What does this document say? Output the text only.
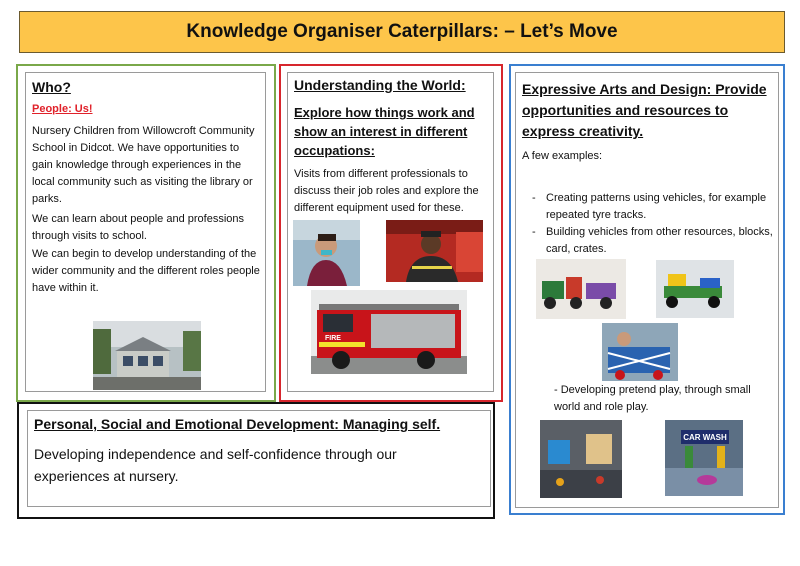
Knowledge Organiser Caterpillars: – Let’s Move
Who?
People: Us!
Nursery Children from Willowcroft Community School in Didcot. We have opportunities to gain knowledge through experiences in the local community such as visiting the library or parks.
We can learn about people and professions through visits to school.
We can begin to develop understanding of the wider community and the different roles people have within it.
Understanding the World:
Explore how things work and show an interest in different occupations:
Visits from different professionals to discuss their job roles and explore the different equipment used for these.
FIRE
Expressive Arts and Design: Provide opportunities and resources to express creativity.
A few examples:
- Creating patterns using vehicles, for example repeated tyre tracks.
- Building vehicles from other resources, blocks, card, crates.
- Developing pretend play, through small world and role play.
CAR WASH
Personal, Social and Emotional Development: Managing self.
Developing independence and self-confidence through our experiences at nursery.
